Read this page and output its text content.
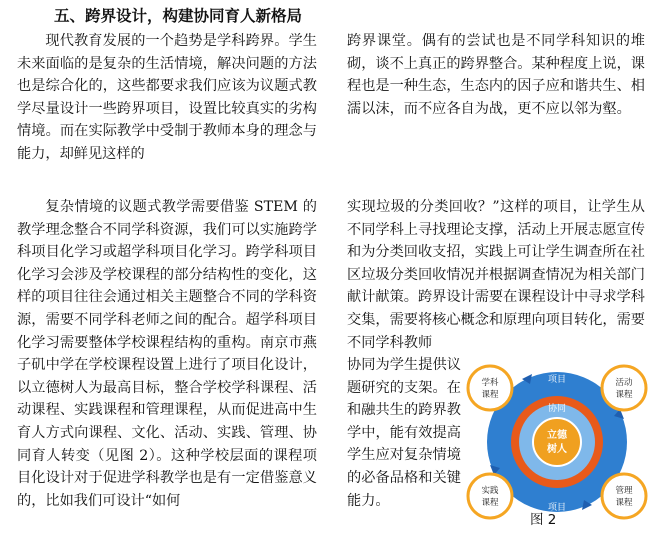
五、跨界设计，构建协同育人新格局

现代教育发展的一个趋势是学科跨界。学生未来面临的是复杂的生活情境，解决问题的方法也是综合化的，这些都要求我们应该为议题式教学尽量设计一些跨界项目，设置比较真实的劣构情境。而在实际教学中受制于教师本身的理念与能力，却鲜见这样的

跨界课堂。偶有的尝试也是不同学科知识的堆砌，谈不上真正的跨界整合。某种程度上说，课程也是一种生态，生态内的因子应和谐共生、相濡以沫，而不应各自为战，更不应以邻为壑。

复杂情境的议题式教学需要借鉴 STEM 的教学理念整合不同学科资源，我们可以实施跨学科项目化学习或超学科项目化学习。跨学科项目化学习会涉及学校课程的部分结构性的变化，这样的项目往往会通过相关主题整合不同的学科资源，需要不同学科老师之间的配合。超学科项目化学习需要整体学校课程结构的重构。南京市燕子矶中学在学校课程设置上进行了项目化设计，以立德树人为最高目标，整合学校学科课程、活动课程、实践课程和管理课程，从而促进高中生育人方式向课程、文化、活动、实践、管理、协同育人转变（见图 2）。这种学校层面的课程项目化设计对于促进学科教学也是有一定借鉴意义的，比如我们可设计“如何

实现垃圾的分类回收？”这样的项目，让学生从不同学科上寻找理论支撑，活动上开展志愿宣传和为分类回收支招，实践上可让学生调查所在社区垃圾分类回收情况并根据调查情况为相关部门献计献策。跨界设计需要在课程设计中寻求学科交集，需要将核心概念和原理向项目转化，需要不同学科教师

协同为学生提供议题研究的支架。在和融共生的跨界教学中，能有效提高学生应对复杂情境的必备品格和关键能力。

立德
树人
协同
项目
项目
学科
课程
活动
课程
实践
课程
管理
课程
图 2
